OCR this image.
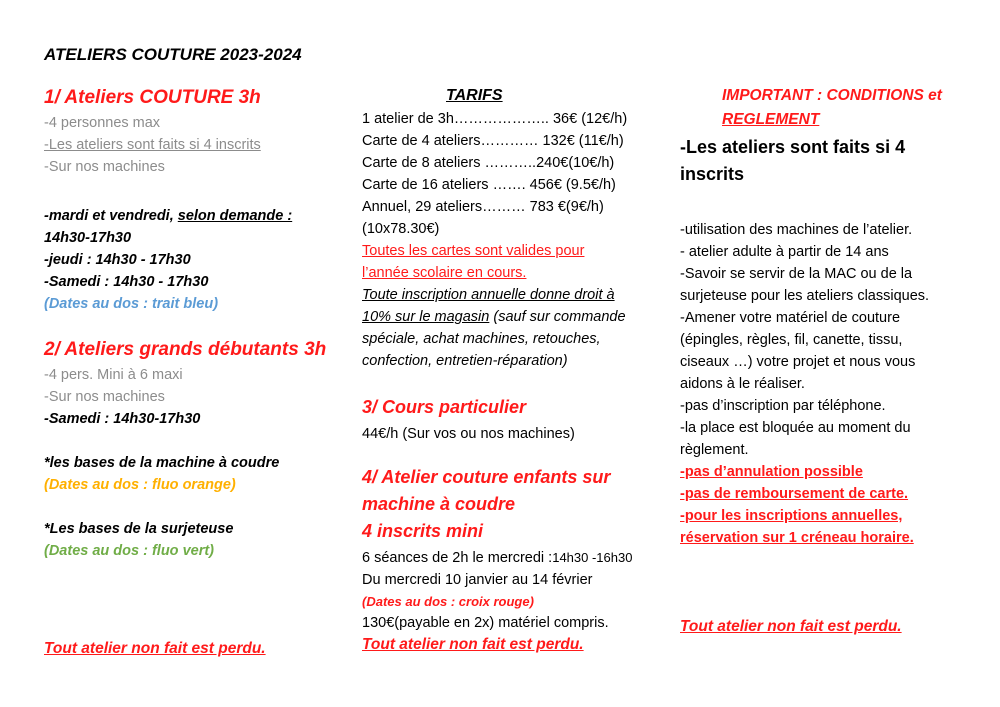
ATELIERS COUTURE 2023-2024
1/ Ateliers COUTURE 3h
-4 personnes max
-Les ateliers sont faits si 4 inscrits
-Sur nos machines
-mardi et vendredi, selon demande :
14h30-17h30
-jeudi : 14h30 - 17h30
-Samedi : 14h30 - 17h30
(Dates au dos : trait bleu)
2/ Ateliers grands débutants 3h
-4 pers. Mini à 6 maxi
-Sur nos machines
-Samedi : 14h30-17h30
*les bases de la machine à coudre
(Dates au dos : fluo orange)
*Les bases de la surjeteuse
(Dates au dos : fluo vert)
Tout atelier non fait est perdu.
TARIFS
1 atelier de 3h……………….. 36€ (12€/h)
Carte de 4 ateliers………… 132€ (11€/h)
Carte de 8 ateliers ………..240€(10€/h)
Carte de 16 ateliers ……. 456€ (9.5€/h)
Annuel, 29 ateliers……… 783 €(9€/h)
(10x78.30€)
Toutes les cartes sont valides pour
l’année scolaire en cours.
Toute inscription annuelle donne droit à
10% sur le magasin (sauf sur commande
spéciale, achat machines, retouches,
confection, entretien-réparation)
3/ Cours particulier
44€/h (Sur vos ou nos machines)
4/ Atelier couture enfants sur
machine à coudre
4 inscrits mini
6 séances de 2h le mercredi :14h30 -16h30
Du mercredi 10 janvier au 14 février
(Dates au dos : croix rouge)
130€(payable en 2x) matériel compris.
Tout atelier non fait est perdu.
IMPORTANT : CONDITIONS et
REGLEMENT
-Les ateliers sont faits si 4
inscrits
-utilisation des machines de l’atelier.
- atelier adulte à partir de 14 ans
-Savoir se servir de la MAC ou de la
surjeteuse pour les ateliers classiques.
-Amener votre matériel de couture
(épingles, règles, fil, canette, tissu,
ciseaux …) votre projet et nous vous
aidons à le réaliser.
-pas d’inscription par téléphone.
-la place est bloquée au moment du
règlement.
-pas d’annulation possible
-pas de remboursement de carte.
-pour les inscriptions annuelles,
réservation sur 1 créneau horaire.
Tout atelier non fait est perdu.
